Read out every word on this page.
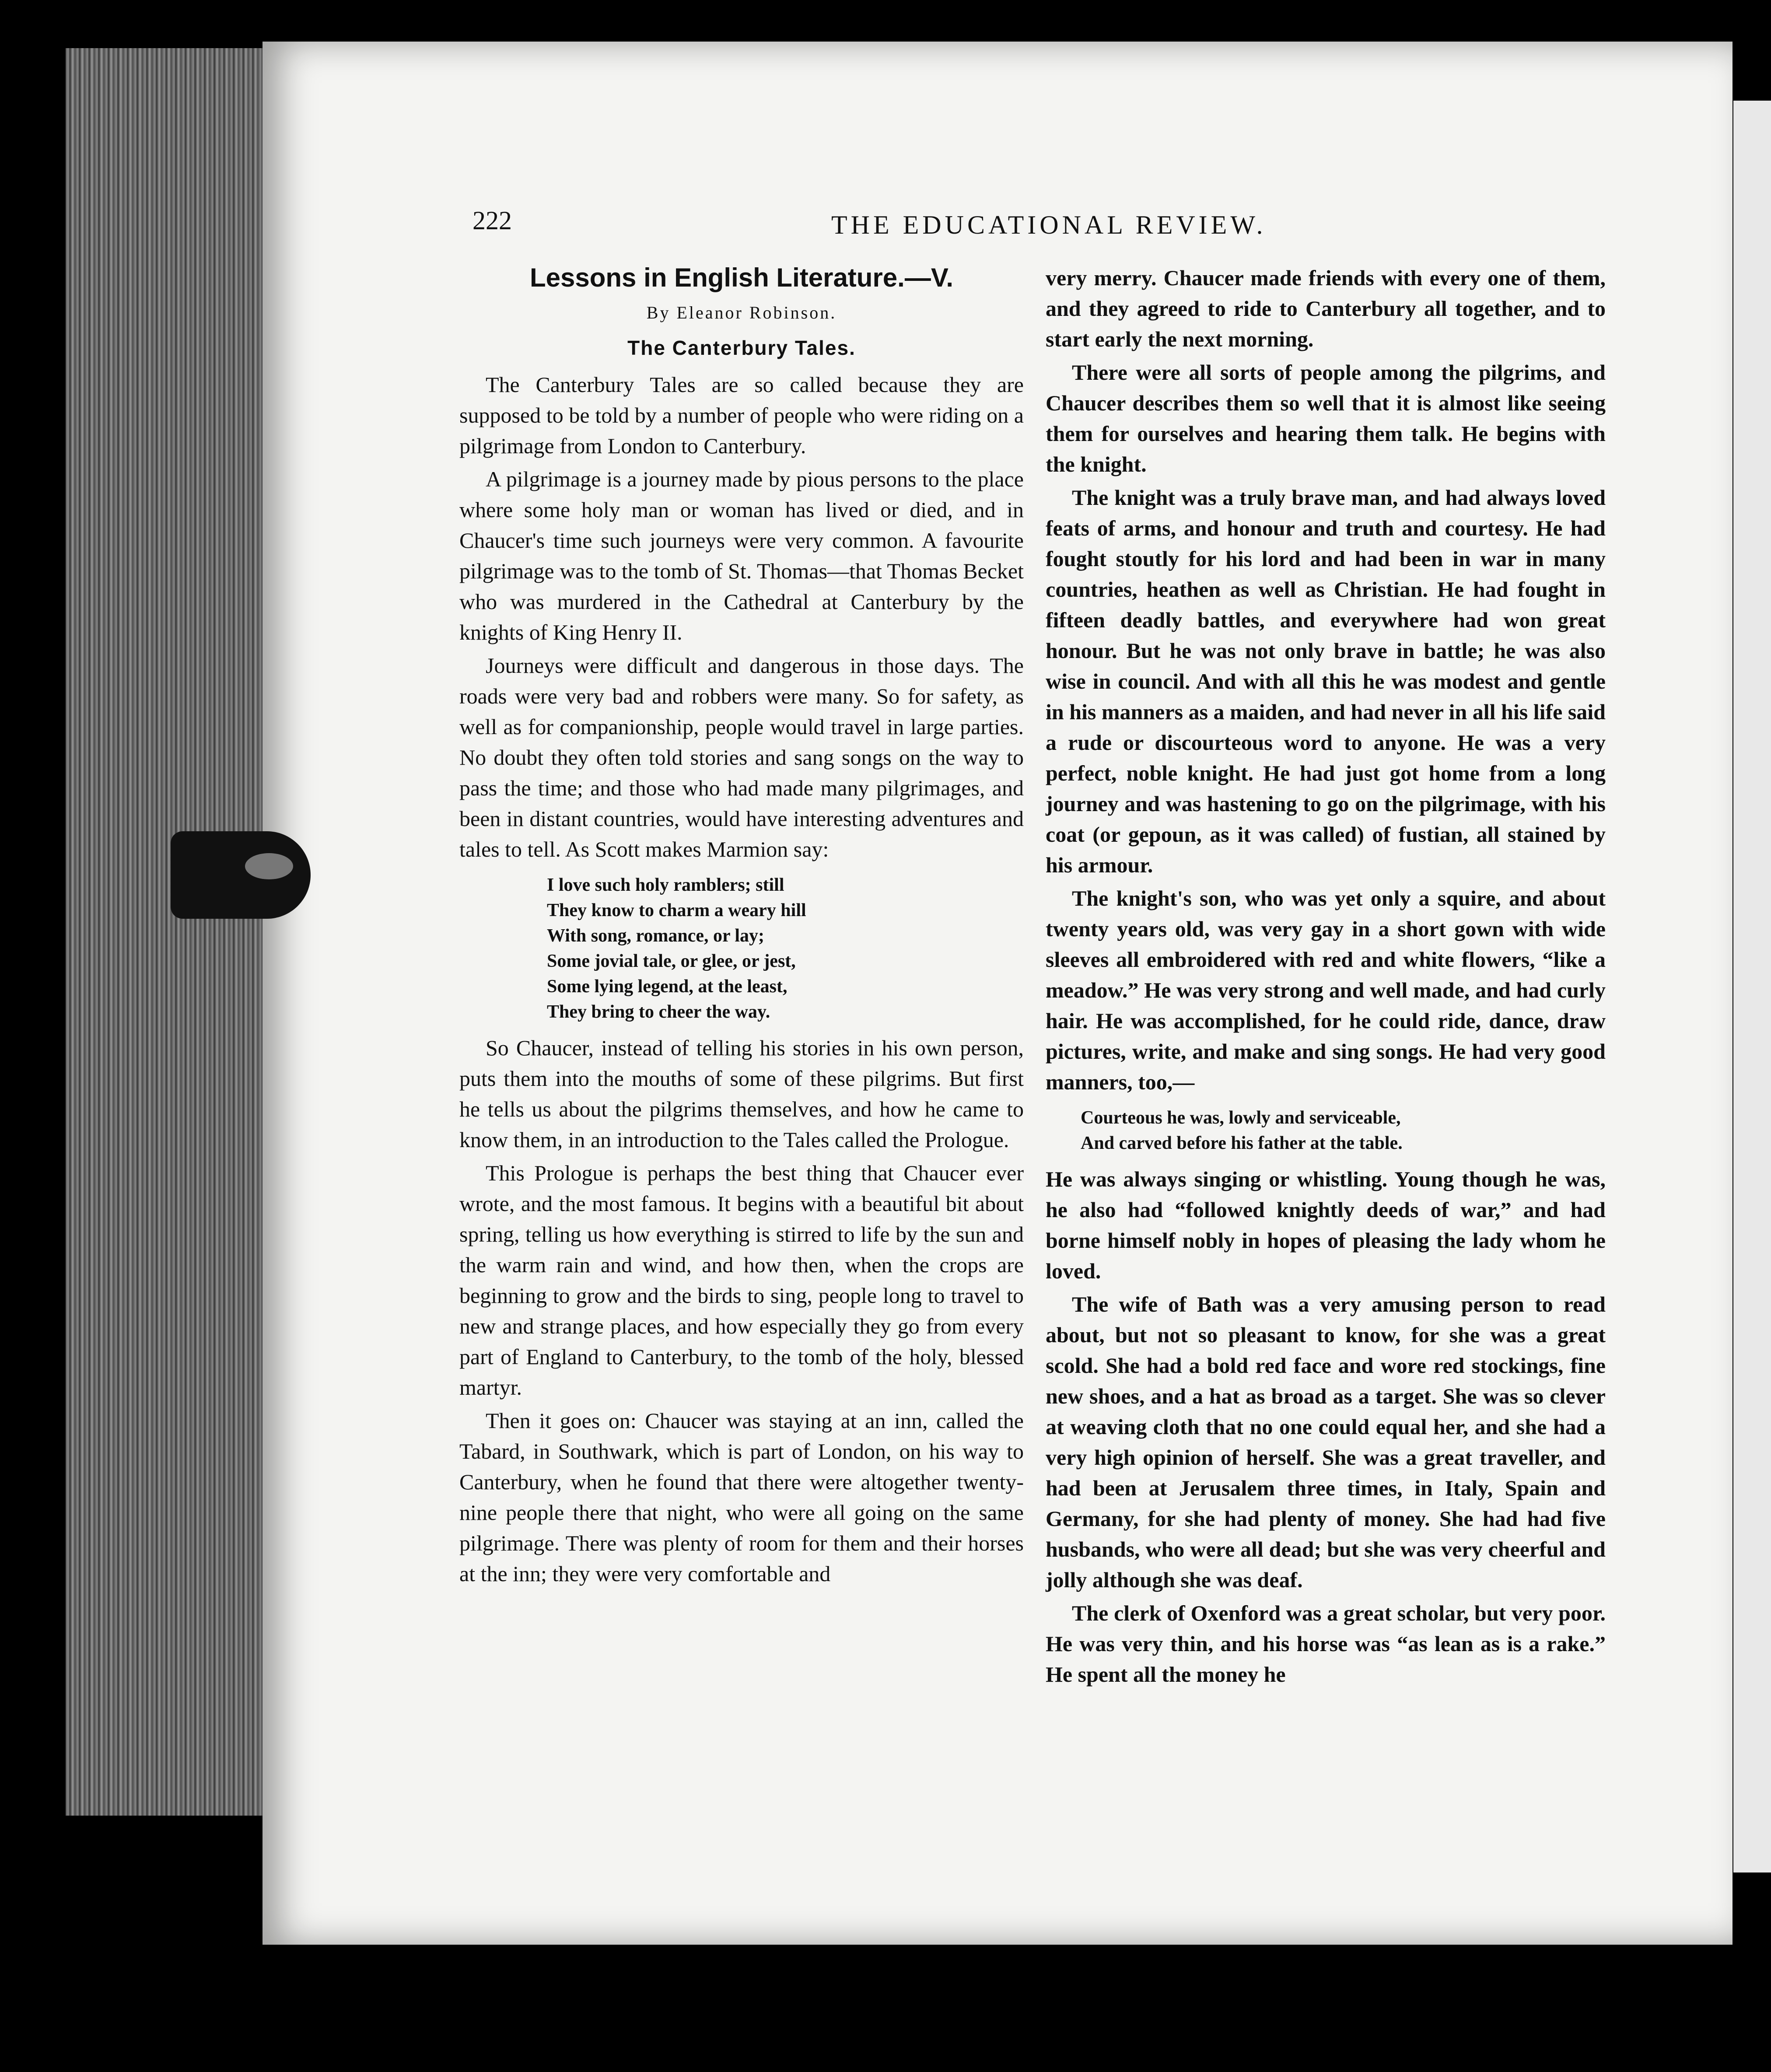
222	THE EDUCATIONAL REVIEW.
Lessons in English Literature.—V.
By Eleanor Robinson.
The Canterbury Tales.

The Canterbury Tales are so called because they are supposed to be told by a number of people who were riding on a pilgrimage from London to Canterbury.

A pilgrimage is a journey made by pious persons to the place where some holy man or woman has lived or died, and in Chaucer's time such journeys were very common. A favourite pilgrimage was to the tomb of St. Thomas—that Thomas Becket who was murdered in the Cathedral at Canterbury by the knights of King Henry II.

Journeys were difficult and dangerous in those days. The roads were very bad and robbers were many. So for safety, as well as for companionship, people would travel in large parties. No doubt they often told stories and sang songs on the way to pass the time; and those who had made many pilgrimages, and been in distant countries, would have interesting adventures and tales to tell. As Scott makes Marmion say:

I love such holy ramblers; still
They know to charm a weary hill
With song, romance, or lay;
Some jovial tale, or glee, or jest,
Some lying legend, at the least,
They bring to cheer the way.

So Chaucer, instead of telling his stories in his own person, puts them into the mouths of some of these pilgrims. But first he tells us about the pilgrims themselves, and how he came to know them, in an introduction to the Tales called the Prologue.

This Prologue is perhaps the best thing that Chaucer ever wrote, and the most famous. It begins with a beautiful bit about spring, telling us how everything is stirred to life by the sun and the warm rain and wind, and how then, when the crops are beginning to grow and the birds to sing, people long to travel to new and strange places, and how especially they go from every part of England to Canterbury, to the tomb of the holy, blessed martyr.

Then it goes on: Chaucer was staying at an inn, called the Tabard, in Southwark, which is part of London, on his way to Canterbury, when he found that there were altogether twenty-nine people there that night, who were all going on the same pilgrimage. There was plenty of room for them and their horses at the inn; they were very comfortable and

very merry. Chaucer made friends with every one of them, and they agreed to ride to Canterbury all together, and to start early the next morning.

There were all sorts of people among the pilgrims, and Chaucer describes them so well that it is almost like seeing them for ourselves and hearing them talk. He begins with the knight.

The knight was a truly brave man, and had always loved feats of arms, and honour and truth and courtesy. He had fought stoutly for his lord and had been in war in many countries, heathen as well as Christian. He had fought in fifteen deadly battles, and everywhere had won great honour. But he was not only brave in battle; he was also wise in council. And with all this he was modest and gentle in his manners as a maiden, and had never in all his life said a rude or discourteous word to anyone. He was a very perfect, noble knight. He had just got home from a long journey and was hastening to go on the pilgrimage, with his coat (or gepoun, as it was called) of fustian, all stained by his armour.

The knight's son, who was yet only a squire, and about twenty years old, was very gay in a short gown with wide sleeves all embroidered with red and white flowers, “like a meadow.” He was very strong and well made, and had curly hair. He was accomplished, for he could ride, dance, draw pictures, write, and make and sing songs. He had very good manners, too,—

Courteous he was, lowly and serviceable,
And carved before his father at the table.

He was always singing or whistling. Young though he was, he also had “followed knightly deeds of war,” and had borne himself nobly in hopes of pleasing the lady whom he loved.

The wife of Bath was a very amusing person to read about, but not so pleasant to know, for she was a great scold. She had a bold red face and wore red stockings, fine new shoes, and a hat as broad as a target. She was so clever at weaving cloth that no one could equal her, and she had a very high opinion of herself. She was a great traveller, and had been at Jerusalem three times, in Italy, Spain and Germany, for she had plenty of money. She had had five husbands, who were all dead; but she was very cheerful and jolly although she was deaf.

The clerk of Oxenford was a great scholar, but very poor. He was very thin, and his horse was “as lean as is a rake.” He spent all the money he
